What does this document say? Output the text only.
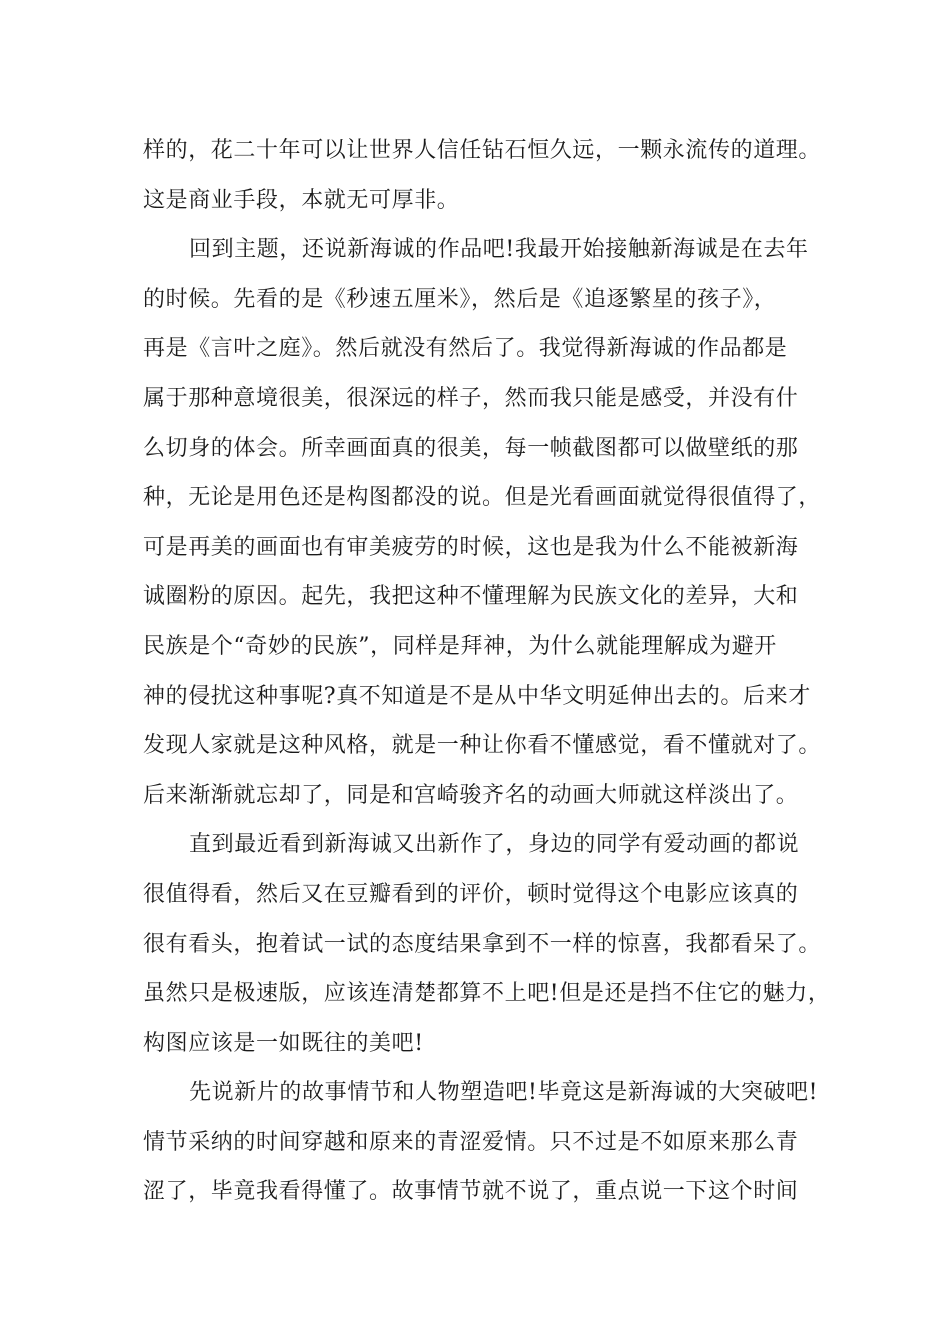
样的，花二十年可以让世界人信任钻石恒久远，一颗永流传的道理。
这是商业手段，本就无可厚非。
回到主题，还说新海诚的作品吧!我最开始接触新海诚是在去年
的时候。先看的是《秒速五厘米》，然后是《追逐繁星的孩子》，
再是《言叶之庭》。然后就没有然后了。我觉得新海诚的作品都是
属于那种意境很美，很深远的样子，然而我只能是感受，并没有什
么切身的体会。所幸画面真的很美，每一帧截图都可以做壁纸的那
种，无论是用色还是构图都没的说。但是光看画面就觉得很值得了，
可是再美的画面也有审美疲劳的时候，这也是我为什么不能被新海
诚圈粉的原因。起先，我把这种不懂理解为民族文化的差异，大和
民族是个“奇妙的民族”，同样是拜神，为什么就能理解成为避开
神的侵扰这种事呢?真不知道是不是从中华文明延伸出去的。后来才
发现人家就是这种风格，就是一种让你看不懂感觉，看不懂就对了。
后来渐渐就忘却了，同是和宫崎骏齐名的动画大师就这样淡出了。
直到最近看到新海诚又出新作了，身边的同学有爱动画的都说
很值得看，然后又在豆瓣看到的评价，顿时觉得这个电影应该真的
很有看头，抱着试一试的态度结果拿到不一样的惊喜，我都看呆了。
虽然只是极速版，应该连清楚都算不上吧!但是还是挡不住它的魅力，
构图应该是一如既往的美吧!
先说新片的故事情节和人物塑造吧!毕竟这是新海诚的大突破吧!
情节采纳的时间穿越和原来的青涩爱情。只不过是不如原来那么青
涩了，毕竟我看得懂了。故事情节就不说了，重点说一下这个时间
